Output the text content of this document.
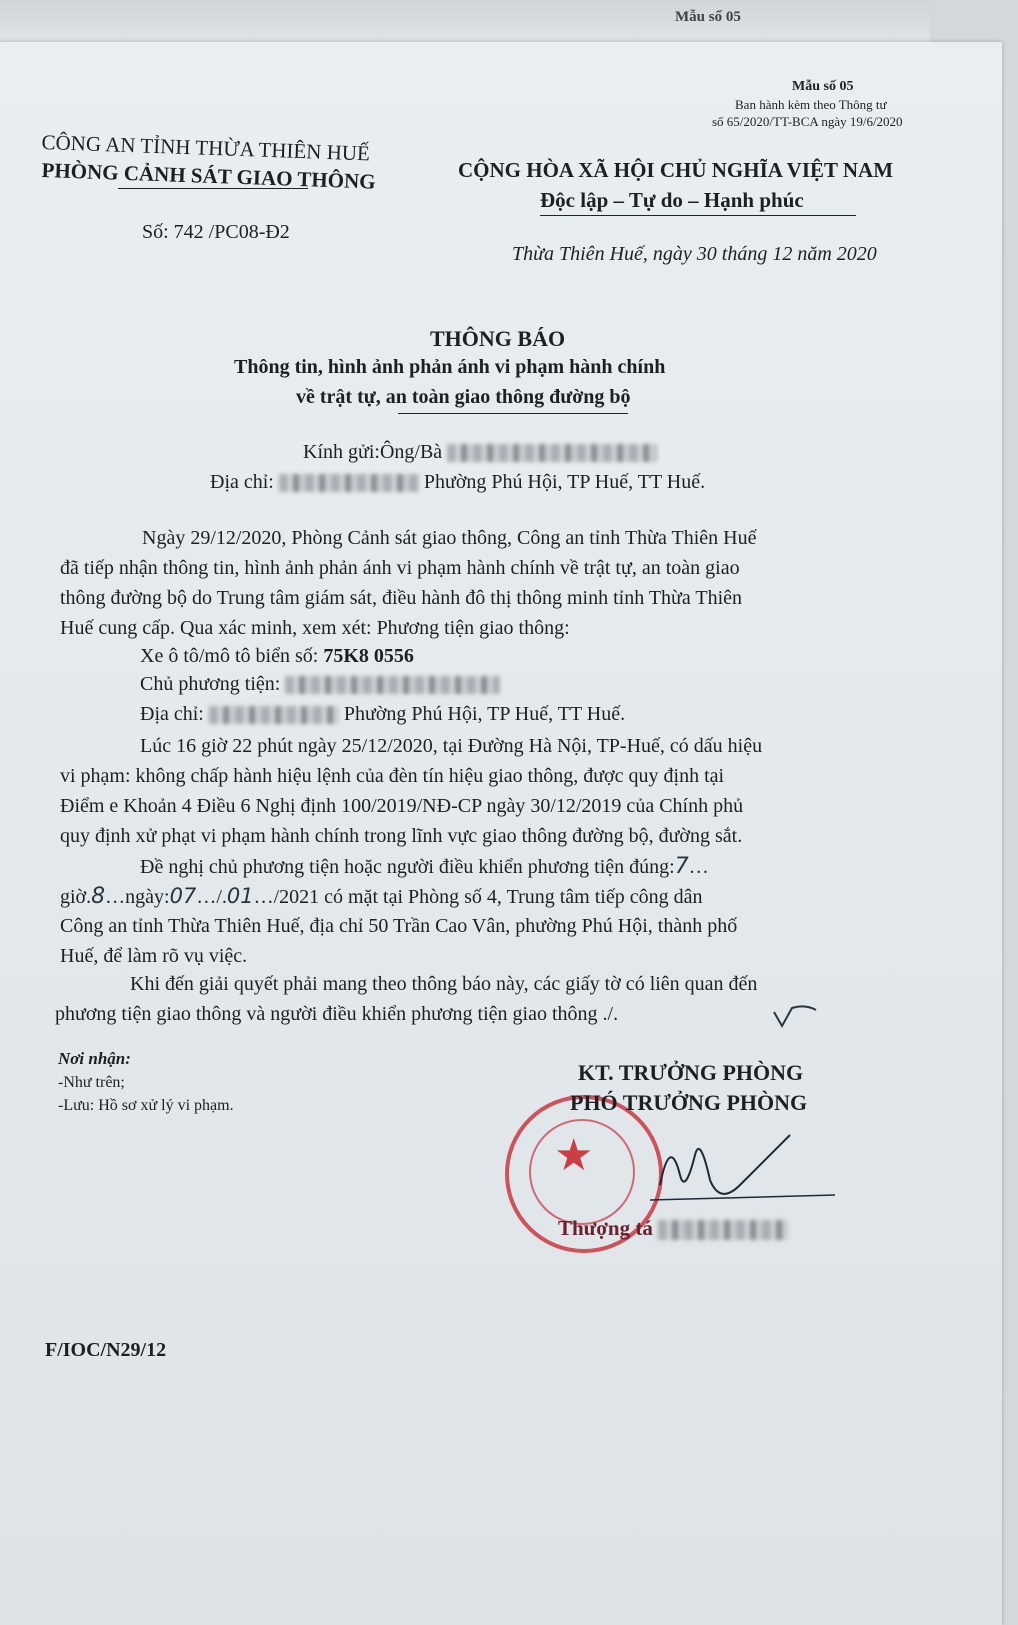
Mẫu số 05
Mẫu số 05
Ban hành kèm theo Thông tư
số 65/2020/TT-BCA ngày 19/6/2020
CÔNG AN TỈNH THỪA THIÊN HUẾ
PHÒNG CẢNH SÁT GIAO THÔNG
Số: 742 /PC08-Đ2
CỘNG HÒA XÃ HỘI CHỦ NGHĨA VIỆT NAM
Độc lập – Tự do – Hạnh phúc
Thừa Thiên Huế, ngày 30 tháng 12 năm 2020
THÔNG BÁO
Thông tin, hình ảnh phản ánh vi phạm hành chính
về trật tự, an toàn giao thông đường bộ
Kính gửi:Ông/Bà
Địa chỉ:	Phường Phú Hội, TP Huế, TT Huế.
Ngày 29/12/2020, Phòng Cảnh sát giao thông, Công an tỉnh Thừa Thiên Huế
đã tiếp nhận thông tin, hình ảnh phản ánh vi phạm hành chính về trật tự, an toàn giao
thông đường bộ do Trung tâm giám sát, điều hành đô thị thông minh tỉnh Thừa Thiên
Huế cung cấp. Qua xác minh, xem xét: Phương tiện giao thông:
Xe ô tô/mô tô biển số: 75K8 0556
Chủ phương tiện:
Địa chỉ:	Phường Phú Hội, TP Huế, TT Huế.
Lúc 16 giờ 22 phút ngày 25/12/2020, tại Đường Hà Nội, TP-Huế, có dấu hiệu
vi phạm: không chấp hành hiệu lệnh của đèn tín hiệu giao thông, được quy định tại
Điểm e Khoản 4 Điều 6 Nghị định 100/2019/NĐ-CP ngày 30/12/2019 của Chính phủ
quy định xử phạt vi phạm hành chính trong lĩnh vực giao thông đường bộ, đường sắt.
Đề nghị chủ phương tiện hoặc người điều khiển phương tiện đúng:7…
giờ.8…ngày:07…/.01…/2021 có mặt tại Phòng số 4, Trung tâm tiếp công dân
Công an tỉnh Thừa Thiên Huế, địa chỉ 50 Trần Cao Vân, phường Phú Hội, thành phố
Huế, để làm rõ vụ việc.
Khi đến giải quyết phải mang theo thông báo này, các giấy tờ có liên quan đến
phương tiện giao thông và người điều khiển phương tiện giao thông ./.
Nơi nhận:
-Như trên;
-Lưu: Hồ sơ xử lý vi phạm.
★
KT. TRƯỞNG PHÒNG
PHÓ TRƯỞNG PHÒNG
Thượng tá
F/IOC/N29/12
